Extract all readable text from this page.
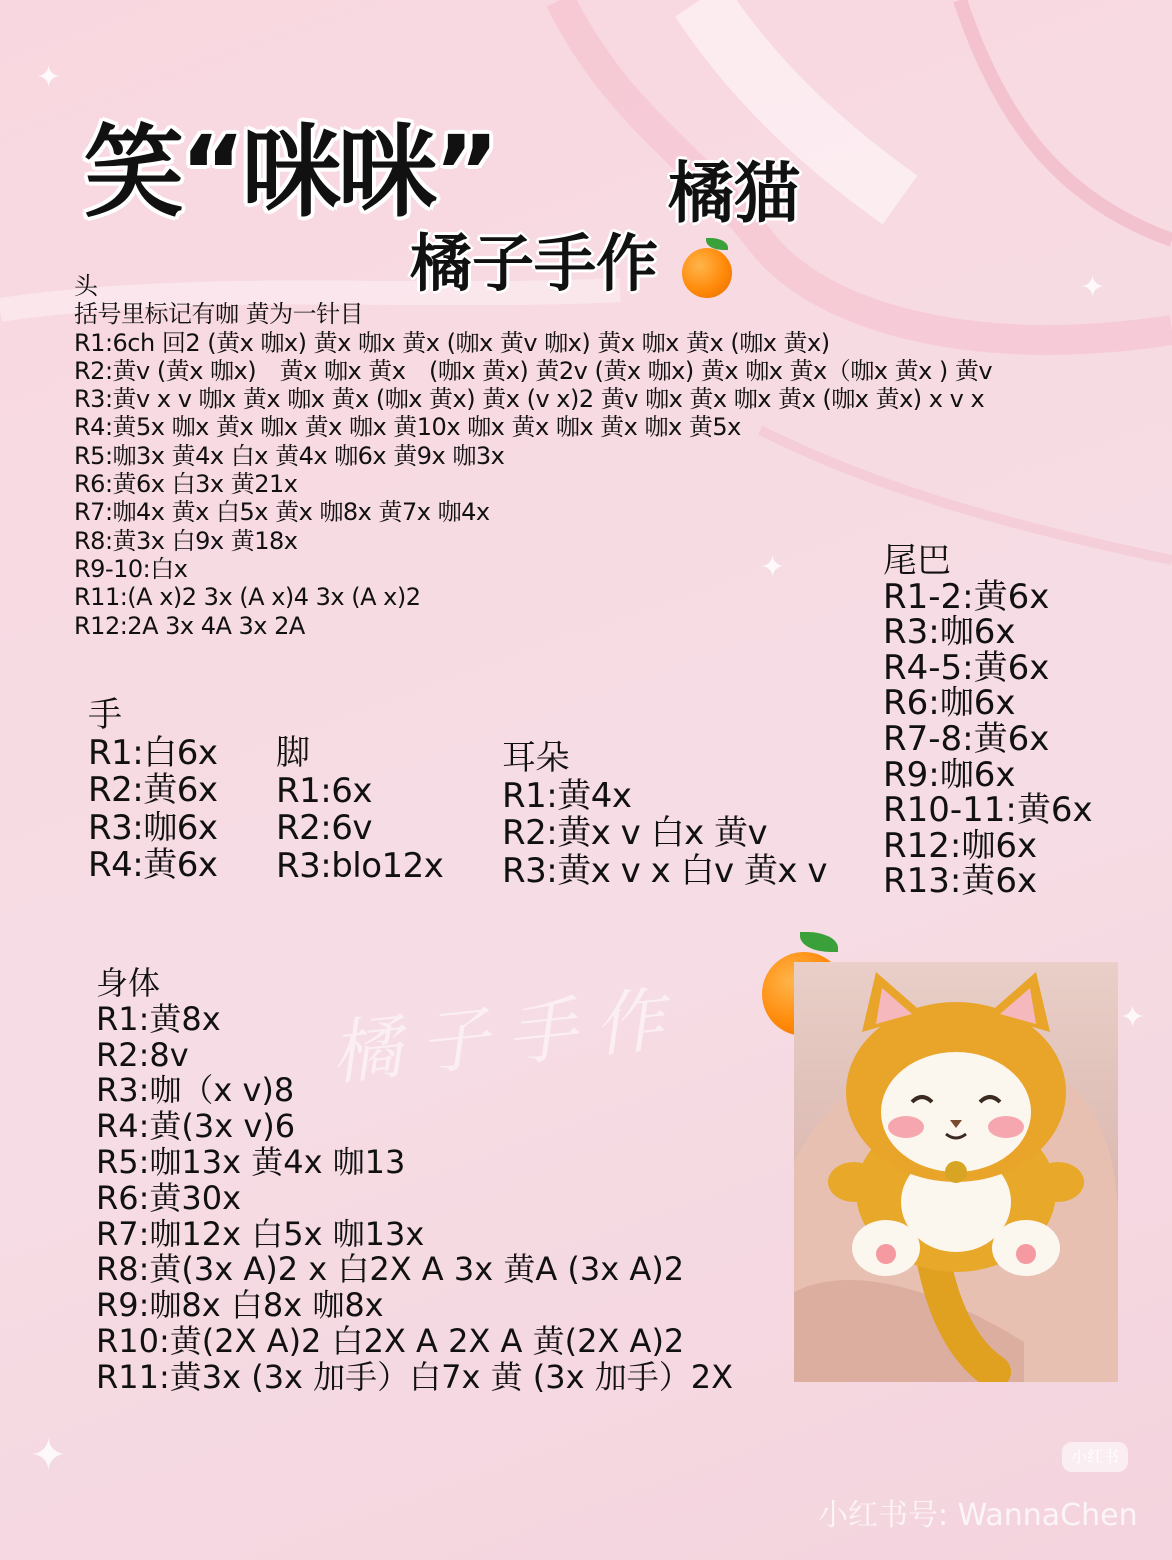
✦
✦
✦
✦
✦
笑“咪咪”	橘猫
橘子手作
头
括号里标记有咖 黄为一针目
R1:6ch 回2 (黄x 咖x) 黄x 咖x 黄x (咖x 黄v 咖x) 黄x 咖x 黄x (咖x 黄x)
R2:黄v (黄x 咖x)　黄x 咖x 黄x　(咖x 黄x) 黄2v (黄x 咖x) 黄x 咖x 黄x（咖x 黄x ) 黄v
R3:黄v x v 咖x 黄x 咖x 黄x (咖x 黄x) 黄x (v x)2 黄v 咖x 黄x 咖x 黄x (咖x 黄x) x v x
R4:黄5x 咖x 黄x 咖x 黄x 咖x 黄10x 咖x 黄x 咖x 黄x 咖x 黄5x
R5:咖3x 黄4x 白x 黄4x 咖6x 黄9x 咖3x
R6:黄6x 白3x 黄21x
R7:咖4x 黄x 白5x 黄x 咖8x 黄7x 咖4x
R8:黄3x 白9x 黄18x
R9-10:白x
R11:(A x)2 3x (A x)4 3x (A x)2
R12:2A 3x 4A 3x 2A
手
R1:白6x
R2:黄6x
R3:咖6x
R4:黄6x
脚
R1:6x
R2:6v
R3:blo12x
耳朵
R1:黄4x
R2:黄x v 白x 黄v
R3:黄x v x 白v 黄x v
尾巴
R1-2:黄6x
R3:咖6x
R4-5:黄6x
R6:咖6x
R7-8:黄6x
R9:咖6x
R10-11:黄6x
R12:咖6x
R13:黄6x
橘子手作
身体
R1:黄8x
R2:8v
R3:咖（x v)8
R4:黄(3x v)6
R5:咖13x 黄4x 咖13
R6:黄30x
R7:咖12x 白5x 咖13x
R8:黄(3x A)2 x 白2X A 3x 黄A (3x A)2
R9:咖8x 白8x 咖8x
R10:黄(2X A)2 白2X A 2X A 黄(2X A)2
R11:黄3x (3x 加手）白7x 黄 (3x 加手）2X
小红书
小红书号: WannaChen
